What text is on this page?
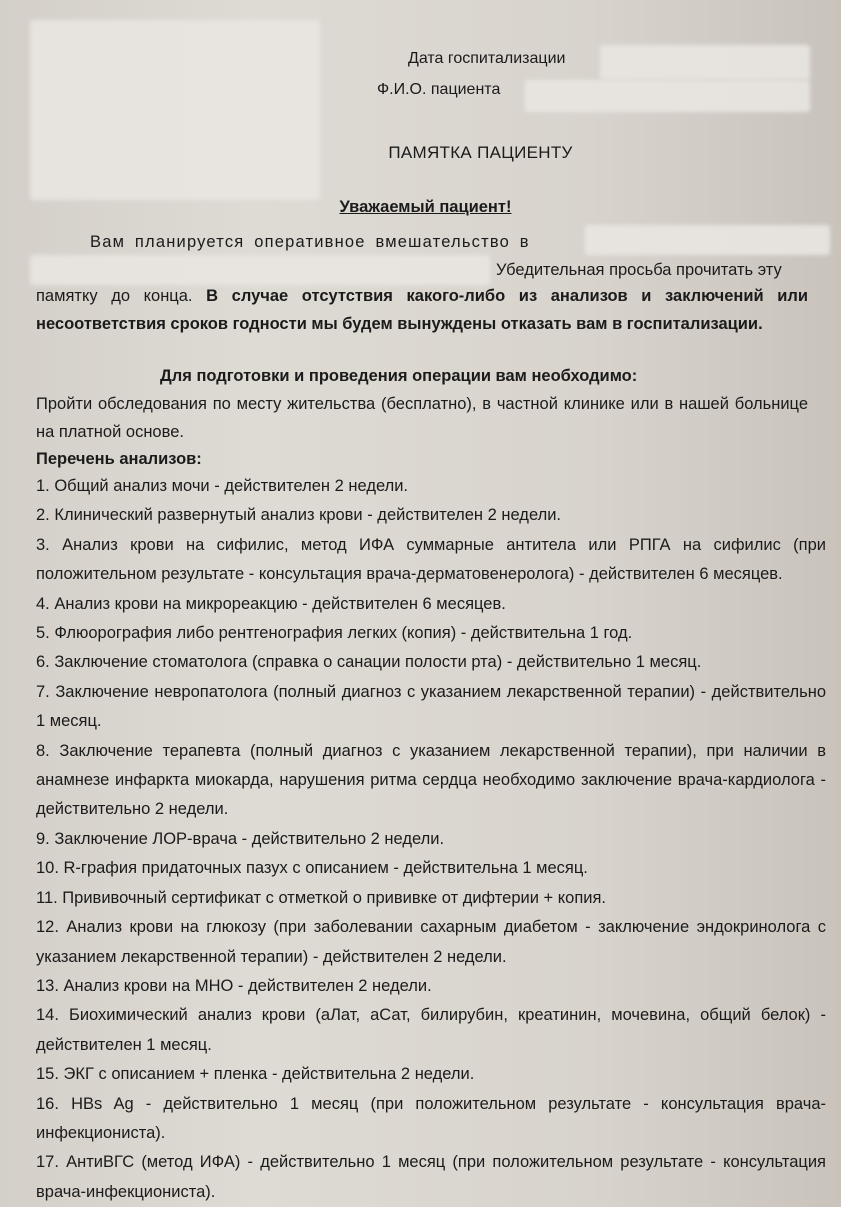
Дата госпитализации
Ф.И.О. пациента
ПАМЯТКА ПАЦИЕНТУ
Уважаемый пациент!
Вам планируется оперативное вмешательство в
Убедительная просьба прочитать эту
памятку до конца. В случае отсутствия какого-либо из анализов и заключений или несоответствия сроков годности мы будем вынуждены отказать вам в госпитализации.
Для подготовки и проведения операции вам необходимо:
Пройти обследования по месту жительства (бесплатно), в частной клинике или в нашей больнице на платной основе.
Перечень анализов:
1. Общий анализ мочи - действителен 2 недели.
2. Клинический развернутый анализ крови - действителен 2 недели.
3. Анализ крови на сифилис, метод ИФА суммарные антитела или РПГА на сифилис (при положительном результате - консультация врача-дерматовенеролога) - действителен 6 месяцев.
4. Анализ крови на микрореакцию - действителен 6 месяцев.
5. Флюорография либо рентгенография легких (копия) - действительна 1 год.
6. Заключение стоматолога (справка о санации полости рта) - действительно 1 месяц.
7. Заключение невропатолога (полный диагноз с указанием лекарственной терапии) - действительно 1 месяц.
8. Заключение терапевта (полный диагноз с указанием лекарственной терапии), при наличии в анамнезе инфаркта миокарда, нарушения ритма сердца необходимо заключение врача-кардиолога - действительно 2 недели.
9. Заключение ЛОР-врача - действительно 2 недели.
10. R-графия придаточных пазух с описанием - действительна 1 месяц.
11. Прививочный сертификат с отметкой о прививке от дифтерии + копия.
12. Анализ крови на глюкозу (при заболевании сахарным диабетом - заключение эндокринолога с указанием лекарственной терапии) - действителен 2 недели.
13. Анализ крови на МНО - действителен 2 недели.
14. Биохимический анализ крови (аЛат, аСат, билирубин, креатинин, мочевина, общий белок) - действителен 1 месяц.
15. ЭКГ с описанием + пленка - действительна 2 недели.
16. HBs Ag - действительно 1 месяц (при положительном результате - консультация врача-инфекциониста).
17. АнтиВГС (метод ИФА) - действительно 1 месяц (при положительном результате - консультация врача-инфекциониста).
